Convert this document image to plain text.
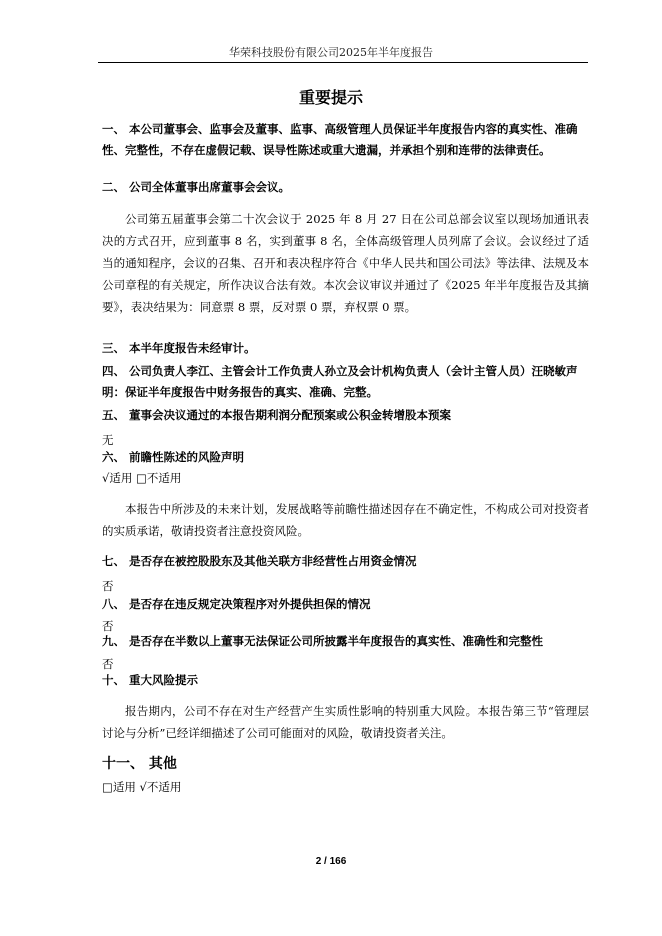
华荣科技股份有限公司2025年半年度报告
重要提示
一、 本公司董事会、监事会及董事、监事、高级管理人员保证半年度报告内容的真实性、准确性、完整性，不存在虚假记载、误导性陈述或重大遗漏，并承担个别和连带的法律责任。
二、 公司全体董事出席董事会会议。
公司第五届董事会第二十次会议于 2025 年 8 月 27 日在公司总部会议室以现场加通讯表决的方式召开，应到董事 8 名，实到董事 8 名，全体高级管理人员列席了会议。会议经过了适当的通知程序，会议的召集、召开和表决程序符合《中华人民共和国公司法》等法律、法规及本公司章程的有关规定，所作决议合法有效。本次会议审议并通过了《2025 年半年度报告及其摘要》，表决结果为：同意票 8 票，反对票 0 票，弃权票 0 票。
三、 本半年度报告未经审计。
四、 公司负责人李江、主管会计工作负责人孙立及会计机构负责人（会计主管人员）汪晓敏声明：保证半年度报告中财务报告的真实、准确、完整。
五、 董事会决议通过的本报告期利润分配预案或公积金转增股本预案
无
六、 前瞻性陈述的风险声明
√适用 □不适用
本报告中所涉及的未来计划，发展战略等前瞻性描述因存在不确定性，不构成公司对投资者的实质承诺，敬请投资者注意投资风险。
七、 是否存在被控股股东及其他关联方非经营性占用资金情况
否
八、 是否存在违反规定决策程序对外提供担保的情况
否
九、 是否存在半数以上董事无法保证公司所披露半年度报告的真实性、准确性和完整性
否
十、 重大风险提示
报告期内，公司不存在对生产经营产生实质性影响的特别重大风险。本报告第三节“管理层讨论与分析”已经详细描述了公司可能面对的风险，敬请投资者关注。
十一、 其他
□适用 √不适用
2 / 166
